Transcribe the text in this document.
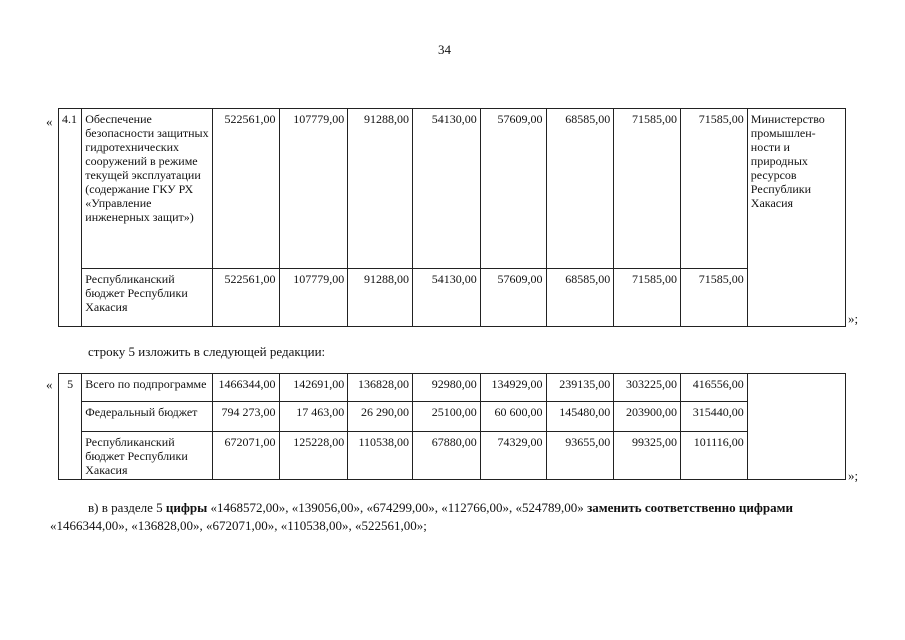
34
« 4.1	Обеспечение безопасности защитных гидротехнических сооружений в режиме текущей эксплуатации (содержание ГКУ РХ «Управление инженерных защит»)	522561,00	107779,00	91288,00	54130,00	57609,00	68585,00	71585,00	71585,00	Министерство промышлен-ности и природных ресурсов Республики Хакасия
	Республиканский бюджет Республики Хакасия	522561,00	107779,00	91288,00	54130,00	57609,00	68585,00	71585,00	71585,00	
»;
строку 5 изложить в следующей редакции:
« 5	Всего по подпрограмме	1466344,00	142691,00	136828,00	92980,00	134929,00	239135,00	303225,00	416556,00	
	Федеральный бюджет	794 273,00	17 463,00	26 290,00	25100,00	60 600,00	145480,00	203900,00	315440,00	
	Республиканский бюджет Республики Хакасия	672071,00	125228,00	110538,00	67880,00	74329,00	93655,00	99325,00	101116,00	
»;
в) в разделе 5 цифры «1468572,00», «139056,00», «674299,00», «112766,00», «524789,00» заменить соответственно цифрами
«1466344,00», «136828,00», «672071,00», «110538,00», «522561,00»;
